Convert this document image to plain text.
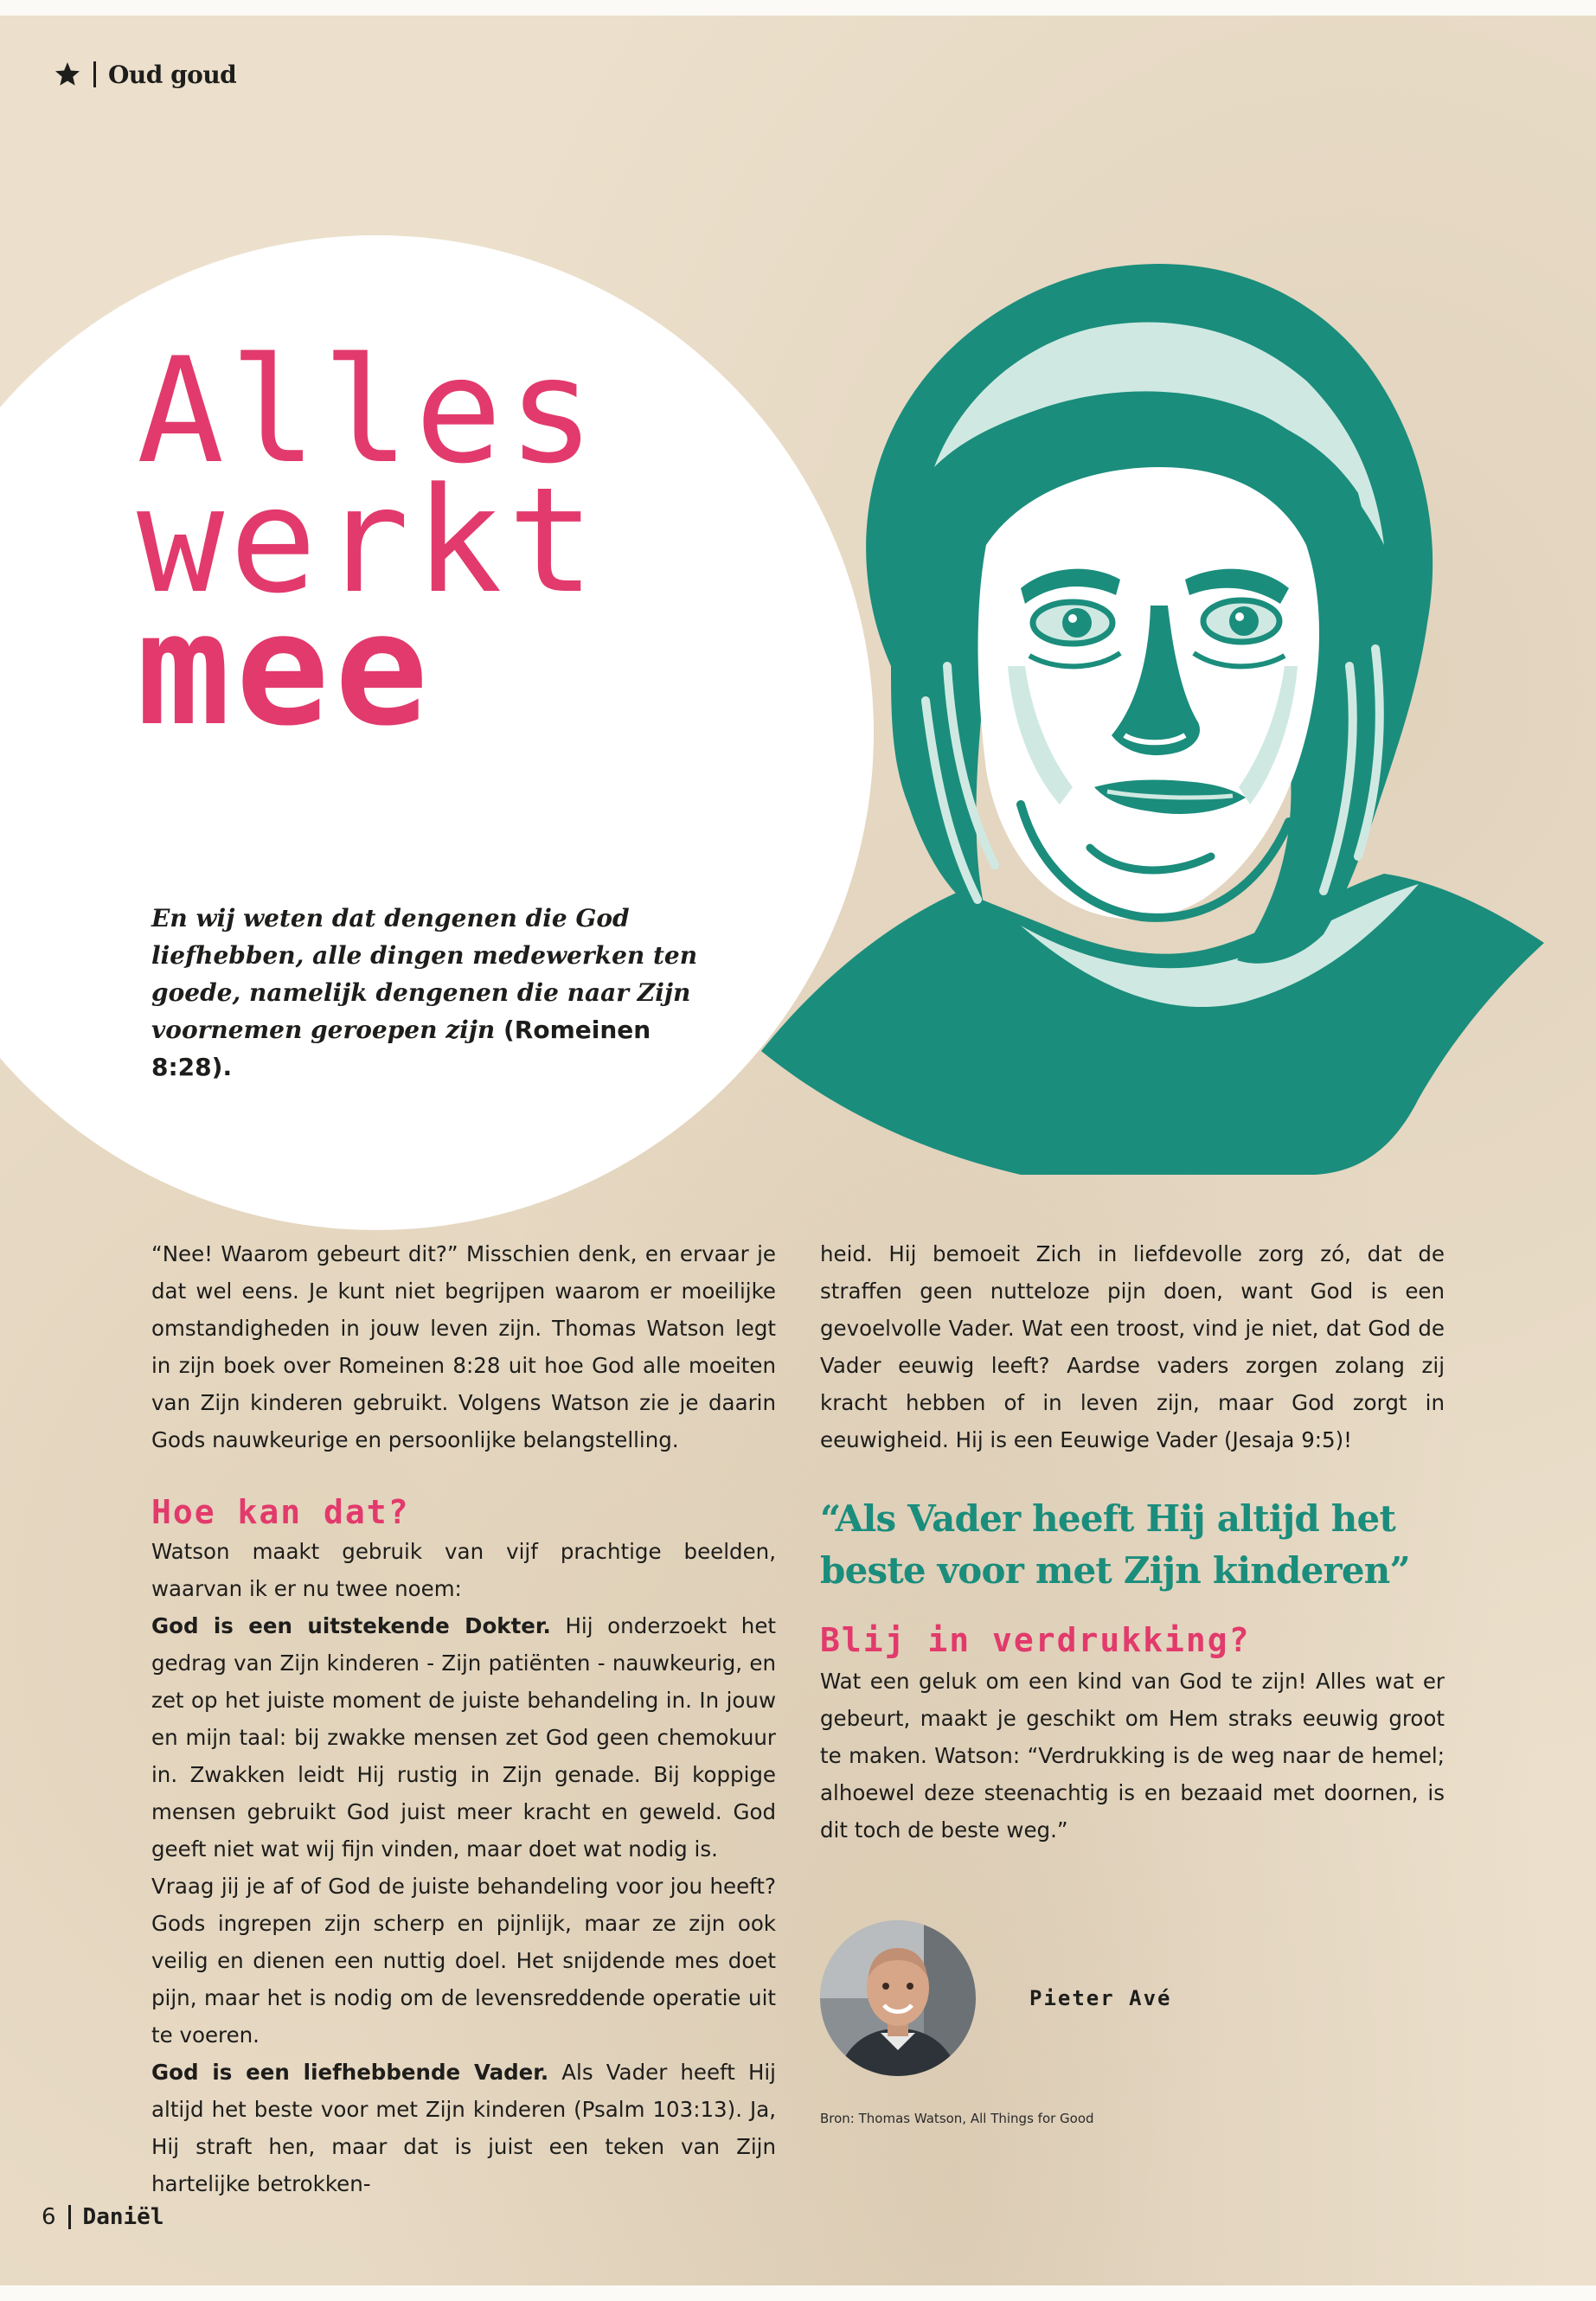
Oud goud
Alles
werkt
mee
En wij weten dat dengenen die God liefhebben, alle dingen medewerken ten goede, namelijk dengenen die naar Zijn voornemen geroepen zijn (Romeinen 8:28).

“Nee! Waarom gebeurt dit?” Misschien denk, en ervaar je dat wel eens. Je kunt niet begrijpen waarom er moeilijke omstandigheden in jouw leven zijn. Thomas Watson legt in zijn boek over Romeinen 8:28 uit hoe God alle moeiten van Zijn kinderen gebruikt. Volgens Watson zie je daarin Gods nauwkeurige en persoonlijke belangstelling.

Hoe kan dat?

Watson maakt gebruik van vijf prachtige beelden, waarvan ik er nu twee noem:

God is een uitstekende Dokter. Hij onderzoekt het gedrag van Zijn kinderen - Zijn patiënten - nauwkeurig, en zet op het juiste moment de juiste behandeling in. In jouw en mijn taal: bij zwakke mensen zet God geen chemokuur in. Zwakken leidt Hij rustig in Zijn genade. Bij koppige mensen gebruikt God juist meer kracht en geweld. God geeft niet wat wij fijn vinden, maar doet wat nodig is.

Vraag jij je af of God de juiste behandeling voor jou heeft? Gods ingrepen zijn scherp en pijnlijk, maar ze zijn ook veilig en dienen een nuttig doel. Het snijdende mes doet pijn, maar het is nodig om de levensreddende operatie uit te voeren.

God is een liefhebbende Vader. Als Vader heeft Hij altijd het beste voor met Zijn kinderen (Psalm 103:13). Ja, Hij straft hen, maar dat is juist een teken van Zijn hartelijke betrokken-

heid. Hij bemoeit Zich in liefdevolle zorg zó, dat de straffen geen nutteloze pijn doen, want God is een gevoelvolle Vader. Wat een troost, vind je niet, dat God de Vader eeuwig leeft? Aardse vaders zorgen zolang zij kracht hebben of in leven zijn, maar God zorgt in eeuwigheid. Hij is een Eeuwige Vader (Jesaja 9:5)!

“Als Vader heeft Hij altijd het beste voor met Zijn kinderen”
Blij in verdrukking?

Wat een geluk om een kind van God te zijn! Alles wat er gebeurt, maakt je geschikt om Hem straks eeuwig groot te maken. Watson: “Verdrukking is de weg naar de hemel; alhoewel deze steenachtig is en bezaaid met doornen, is dit toch de beste weg.”

Pieter Avé
Bron: Thomas Watson, All Things for Good
6 Daniël
